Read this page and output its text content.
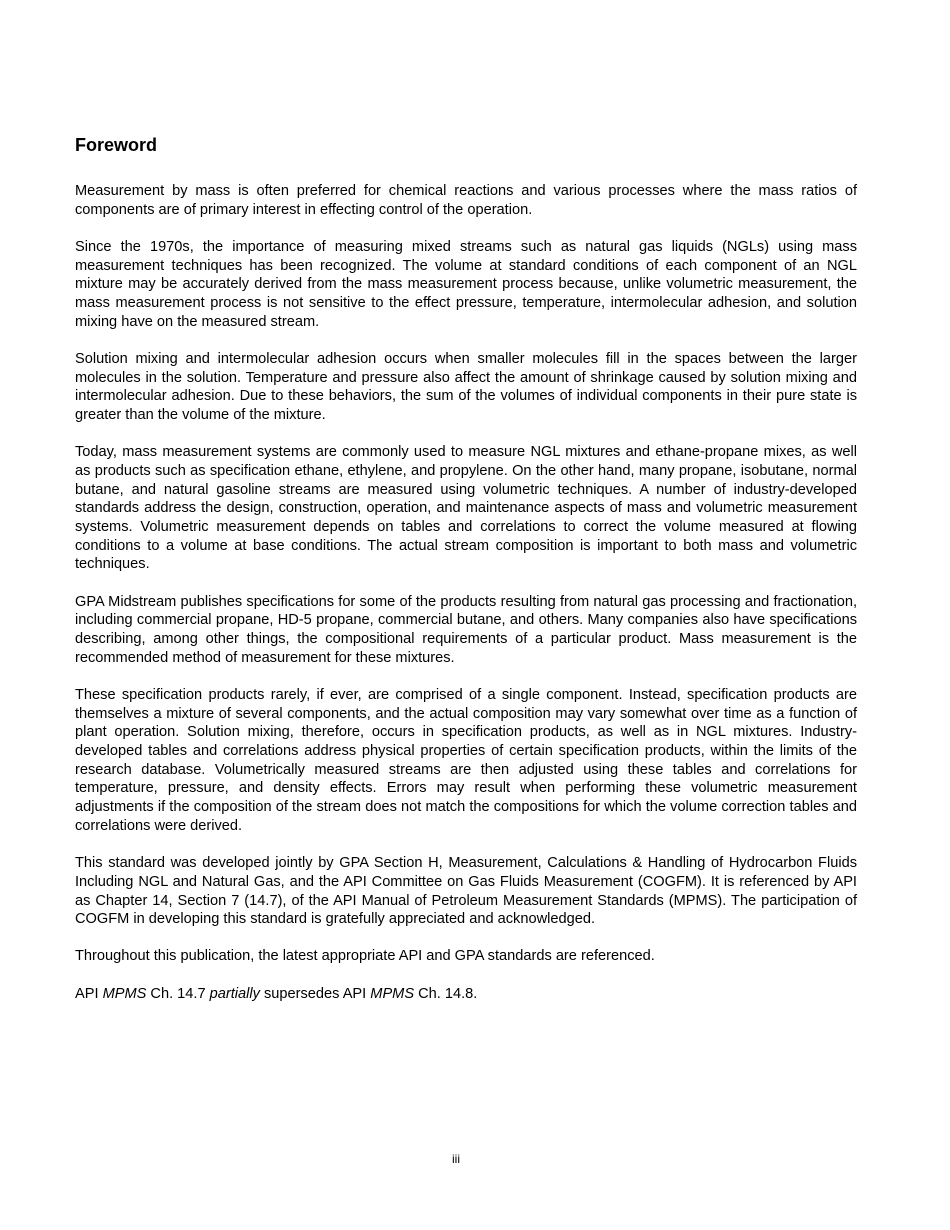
Foreword

Measurement by mass is often preferred for chemical reactions and various processes where the mass ratios of components are of primary interest in effecting control of the operation.

Since the 1970s, the importance of measuring mixed streams such as natural gas liquids (NGLs) using mass measurement techniques has been recognized. The volume at standard conditions of each component of an NGL mixture may be accurately derived from the mass measurement process because, unlike volumetric measurement, the mass measurement process is not sensitive to the effect pressure, temperature, intermolecular adhesion, and solution mixing have on the measured stream.

Solution mixing and intermolecular adhesion occurs when smaller molecules fill in the spaces between the larger molecules in the solution. Temperature and pressure also affect the amount of shrinkage caused by solution mixing and intermolecular adhesion. Due to these behaviors, the sum of the volumes of individual components in their pure state is greater than the volume of the mixture.

Today, mass measurement systems are commonly used to measure NGL mixtures and ethane-propane mixes, as well as products such as specification ethane, ethylene, and propylene. On the other hand, many propane, isobutane, normal butane, and natural gasoline streams are measured using volumetric techniques. A number of industry-developed standards address the design, construction, operation, and maintenance aspects of mass and volumetric measurement systems. Volumetric measurement depends on tables and correlations to correct the volume measured at flowing conditions to a volume at base conditions. The actual stream composition is important to both mass and volumetric techniques.

GPA Midstream publishes specifications for some of the products resulting from natural gas processing and fractionation, including commercial propane, HD-5 propane, commercial butane, and others. Many companies also have specifications describing, among other things, the compositional requirements of a particular product. Mass measurement is the recommended method of measurement for these mixtures.

These specification products rarely, if ever, are comprised of a single component. Instead, specification products are themselves a mixture of several components, and the actual composition may vary somewhat over time as a function of plant operation. Solution mixing, therefore, occurs in specification products, as well as in NGL mixtures. Industry-developed tables and correlations address physical properties of certain specification products, within the limits of the research database. Volumetrically measured streams are then adjusted using these tables and correlations for temperature, pressure, and density effects. Errors may result when performing these volumetric measurement adjustments if the composition of the stream does not match the compositions for which the volume correction tables and correlations were derived.

This standard was developed jointly by GPA Section H, Measurement, Calculations & Handling of Hydrocarbon Fluids Including NGL and Natural Gas, and the API Committee on Gas Fluids Measurement (COGFM). It is referenced by API as Chapter 14, Section 7 (14.7), of the API Manual of Petroleum Measurement Standards (MPMS). The participation of COGFM in developing this standard is gratefully appreciated and acknowledged.

Throughout this publication, the latest appropriate API and GPA standards are referenced.

API MPMS Ch. 14.7 partially supersedes API MPMS Ch. 14.8.

iii
